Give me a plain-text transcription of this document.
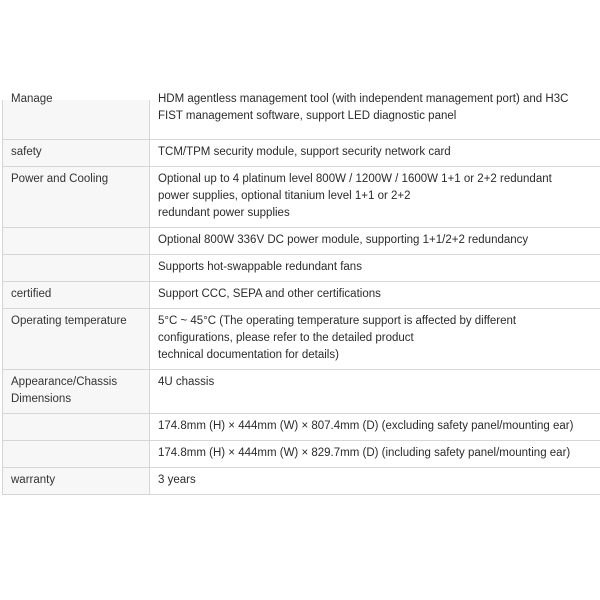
Manage	HDM agentless management tool (with independent management port) and H3C
FIST management software, support LED diagnostic panel

safety	TCM/TPM security module, support security network card

Power and Cooling	Optional up to 4 platinum level 800W / 1200W / 1600W 1+1 or 2+2 redundant
power supplies, optional titanium level 1+1 or 2+2
redundant power supplies

	Optional 800W 336V DC power module, supporting 1+1/2+2 redundancy

	Supports hot-swappable redundant fans

certified	Support CCC, SEPA and other certifications

Operating temperature	5°C ~ 45°C (The operating temperature support is affected by different
configurations, please refer to the detailed product
technical documentation for details)

Appearance/Chassis Dimensions	4U chassis

	174.8mm (H) × 444mm (W) × 807.4mm (D) (excluding safety panel/mounting ear)

	174.8mm (H) × 444mm (W) × 829.7mm (D) (including safety panel/mounting ear)

warranty	3 years
